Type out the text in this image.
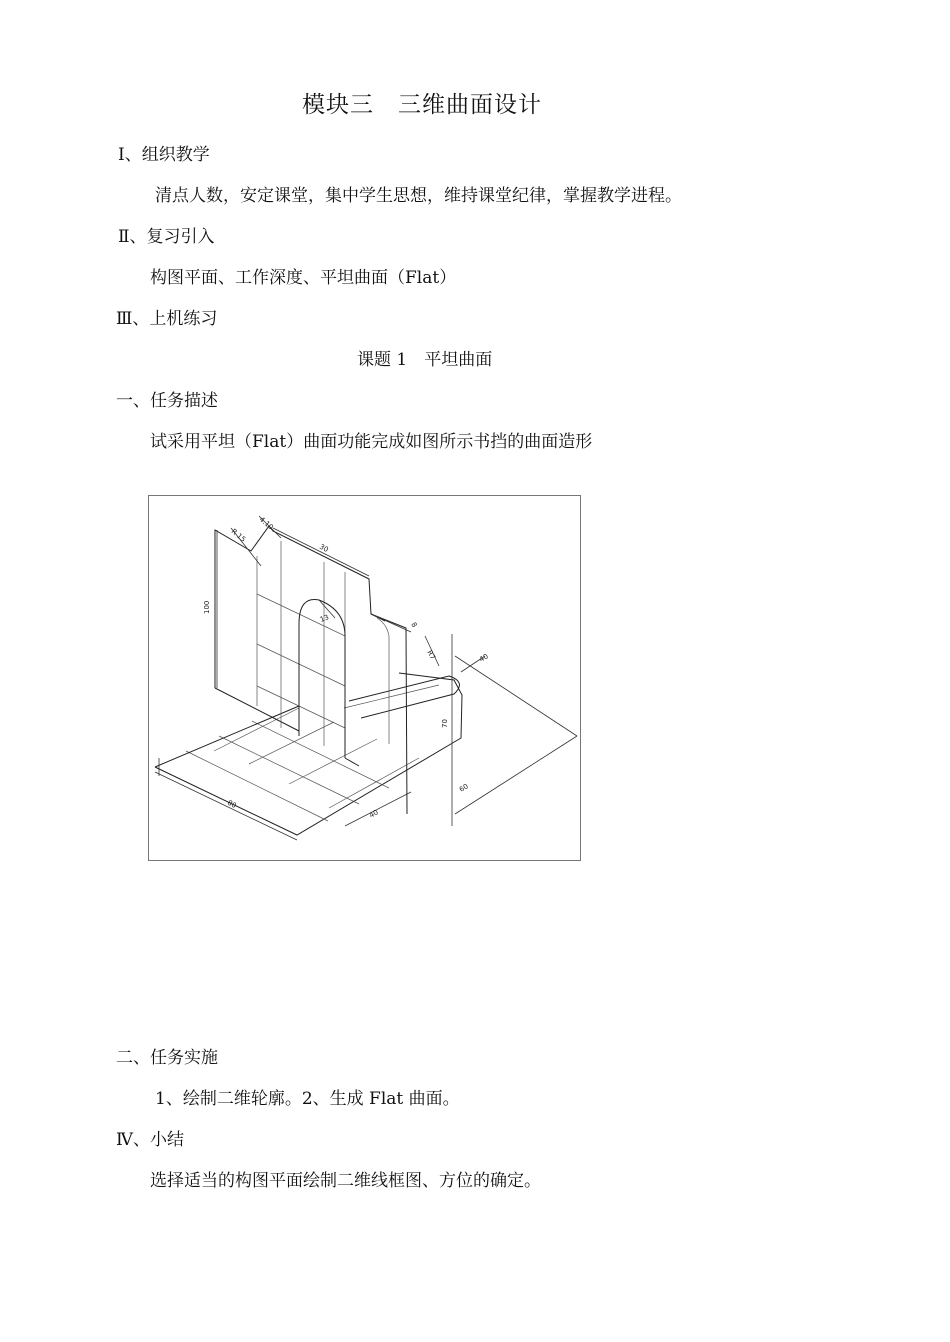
模块三　三维曲面设计
Ⅰ、组织教学
清点人数，安定课堂，集中学生思想，维持课堂纪律，掌握教学进程。
Ⅱ、复习引入
构图平面、工作深度、平坦曲面（Flat）
Ⅲ、上机练习
课题 1　平坦曲面
一、任务描述
试采用平坦（Flat）曲面功能完成如图所示书挡的曲面造形
100
R 15
4.10
30
13
8
R7	40
70
60
80
40
二、任务实施
1、绘制二维轮廓。2、生成 Flat 曲面。
Ⅳ、小结
选择适当的构图平面绘制二维线框图、方位的确定。
